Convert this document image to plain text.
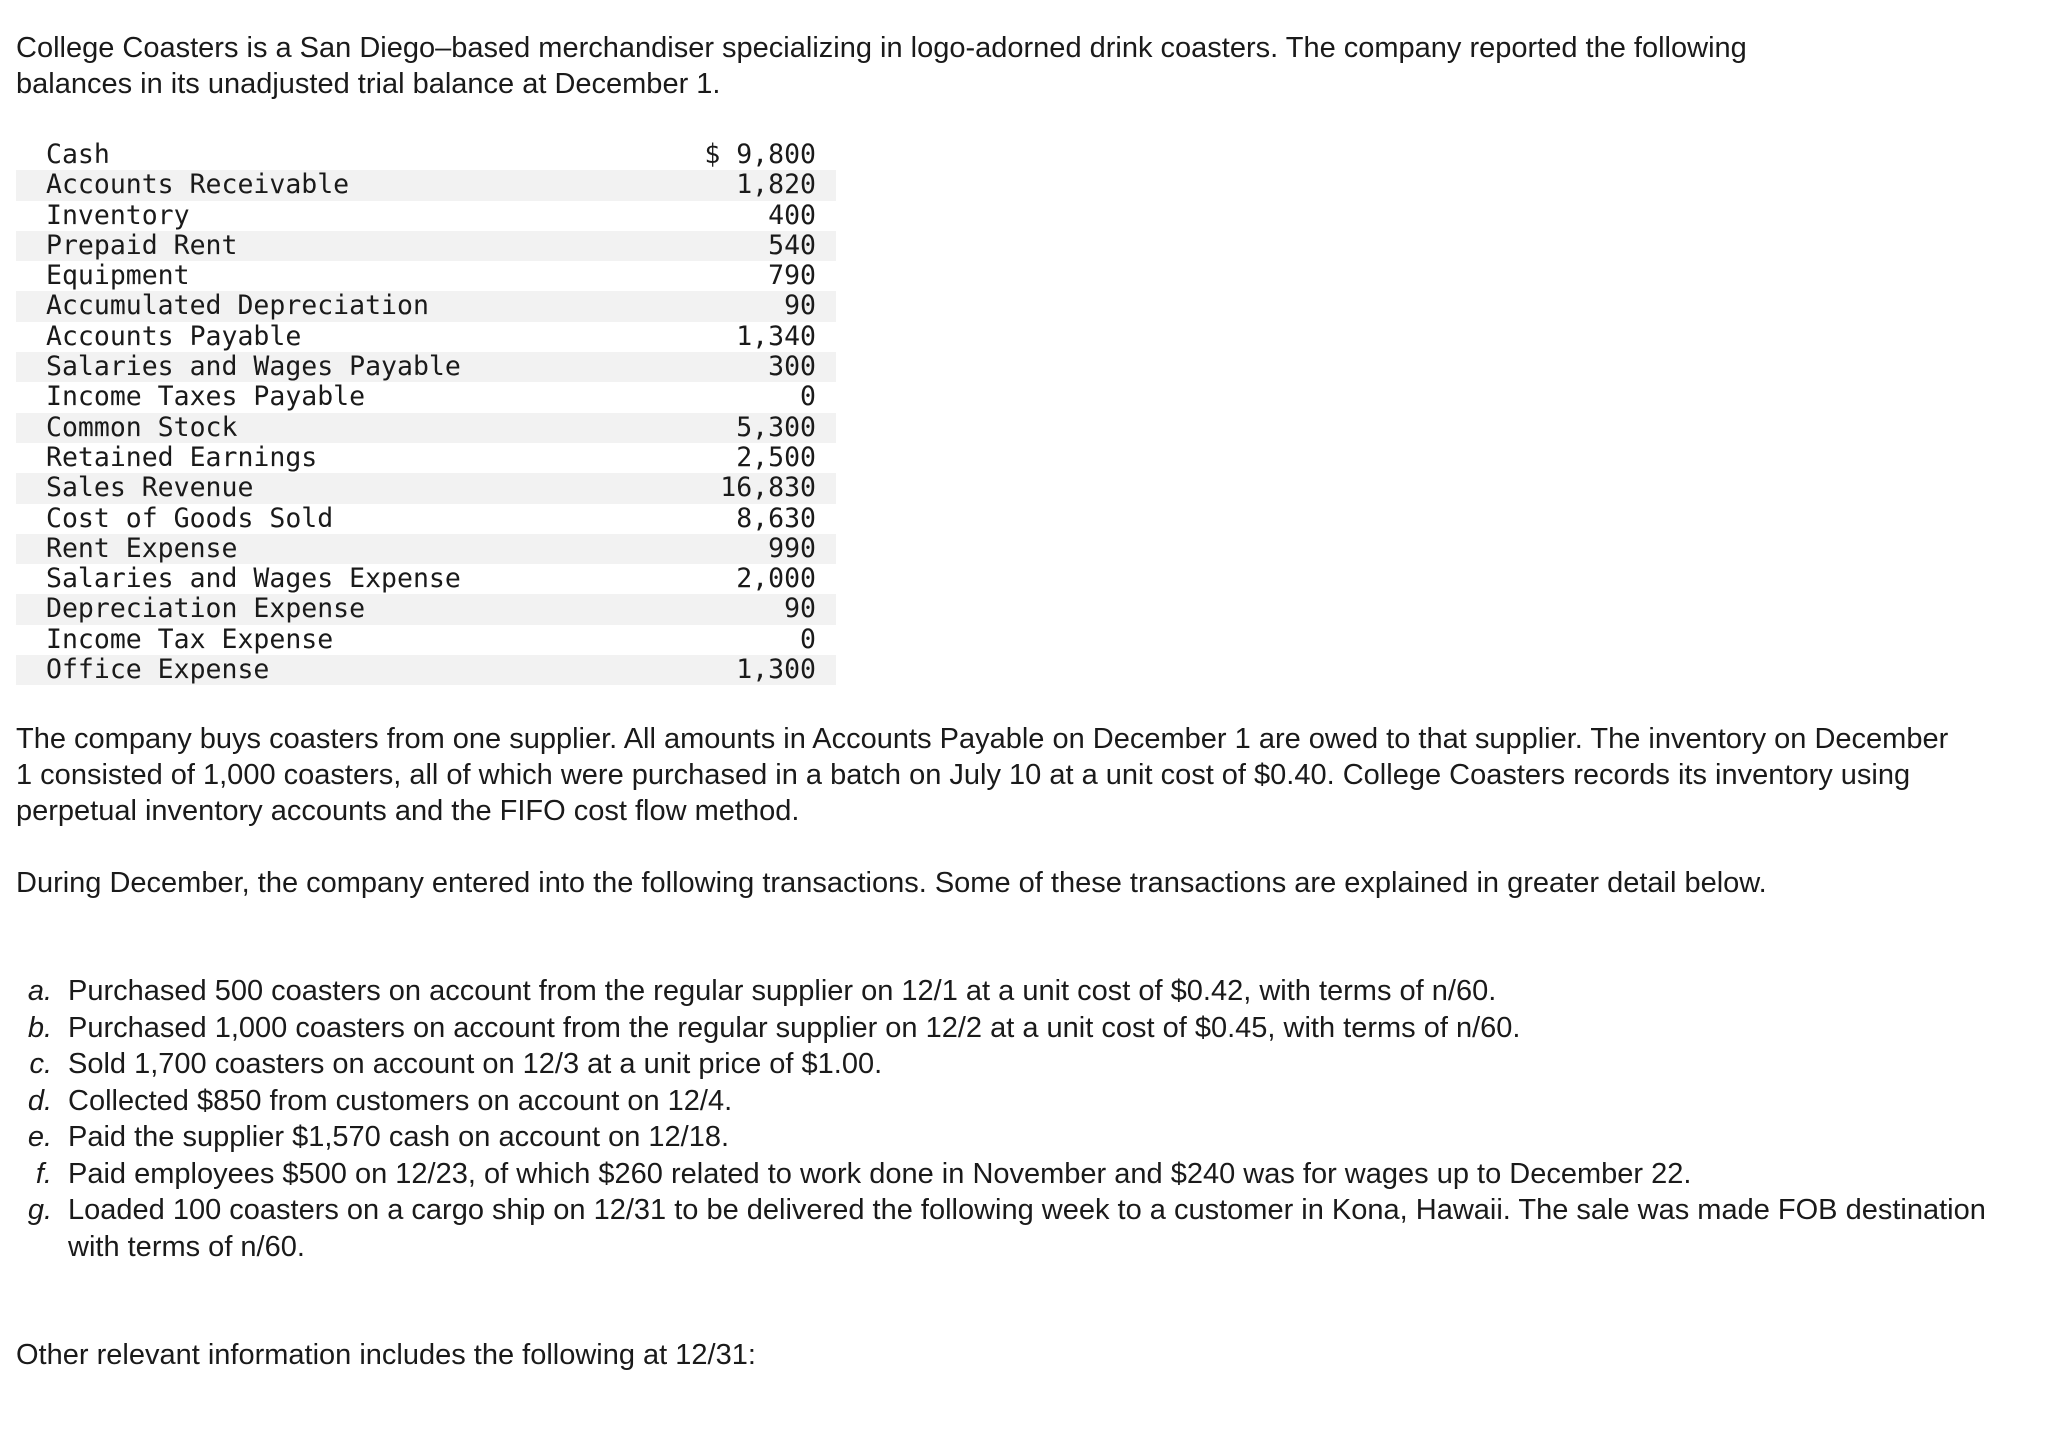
College Coasters is a San Diego–based merchandiser specializing in logo-adorned drink coasters. The company reported the following balances in its unadjusted trial balance at December 1.

Cash	$ 9,800
Accounts Receivable	1,820
Inventory	400
Prepaid Rent	540
Equipment	790
Accumulated Depreciation	90
Accounts Payable	1,340
Salaries and Wages Payable	300
Income Taxes Payable	0
Common Stock	5,300
Retained Earnings	2,500
Sales Revenue	16,830
Cost of Goods Sold	8,630
Rent Expense	990
Salaries and Wages Expense	2,000
Depreciation Expense	90
Income Tax Expense	0
Office Expense	1,300

The company buys coasters from one supplier. All amounts in Accounts Payable on December 1 are owed to that supplier. The inventory on December 1 consisted of 1,000 coasters, all of which were purchased in a batch on July 10 at a unit cost of $0.40. College Coasters records its inventory using perpetual inventory accounts and the FIFO cost flow method.

During December, the company entered into the following transactions. Some of these transactions are explained in greater detail below.

a. Purchased 500 coasters on account from the regular supplier on 12/1 at a unit cost of $0.42, with terms of n/60.
b. Purchased 1,000 coasters on account from the regular supplier on 12/2 at a unit cost of $0.45, with terms of n/60.
c. Sold 1,700 coasters on account on 12/3 at a unit price of $1.00.
d. Collected $850 from customers on account on 12/4.
e. Paid the supplier $1,570 cash on account on 12/18.
f. Paid employees $500 on 12/23, of which $260 related to work done in November and $240 was for wages up to December 22.
g. Loaded 100 coasters on a cargo ship on 12/31 to be delivered the following week to a customer in Kona, Hawaii. The sale was made FOB destination with terms of n/60.

Other relevant information includes the following at 12/31:
